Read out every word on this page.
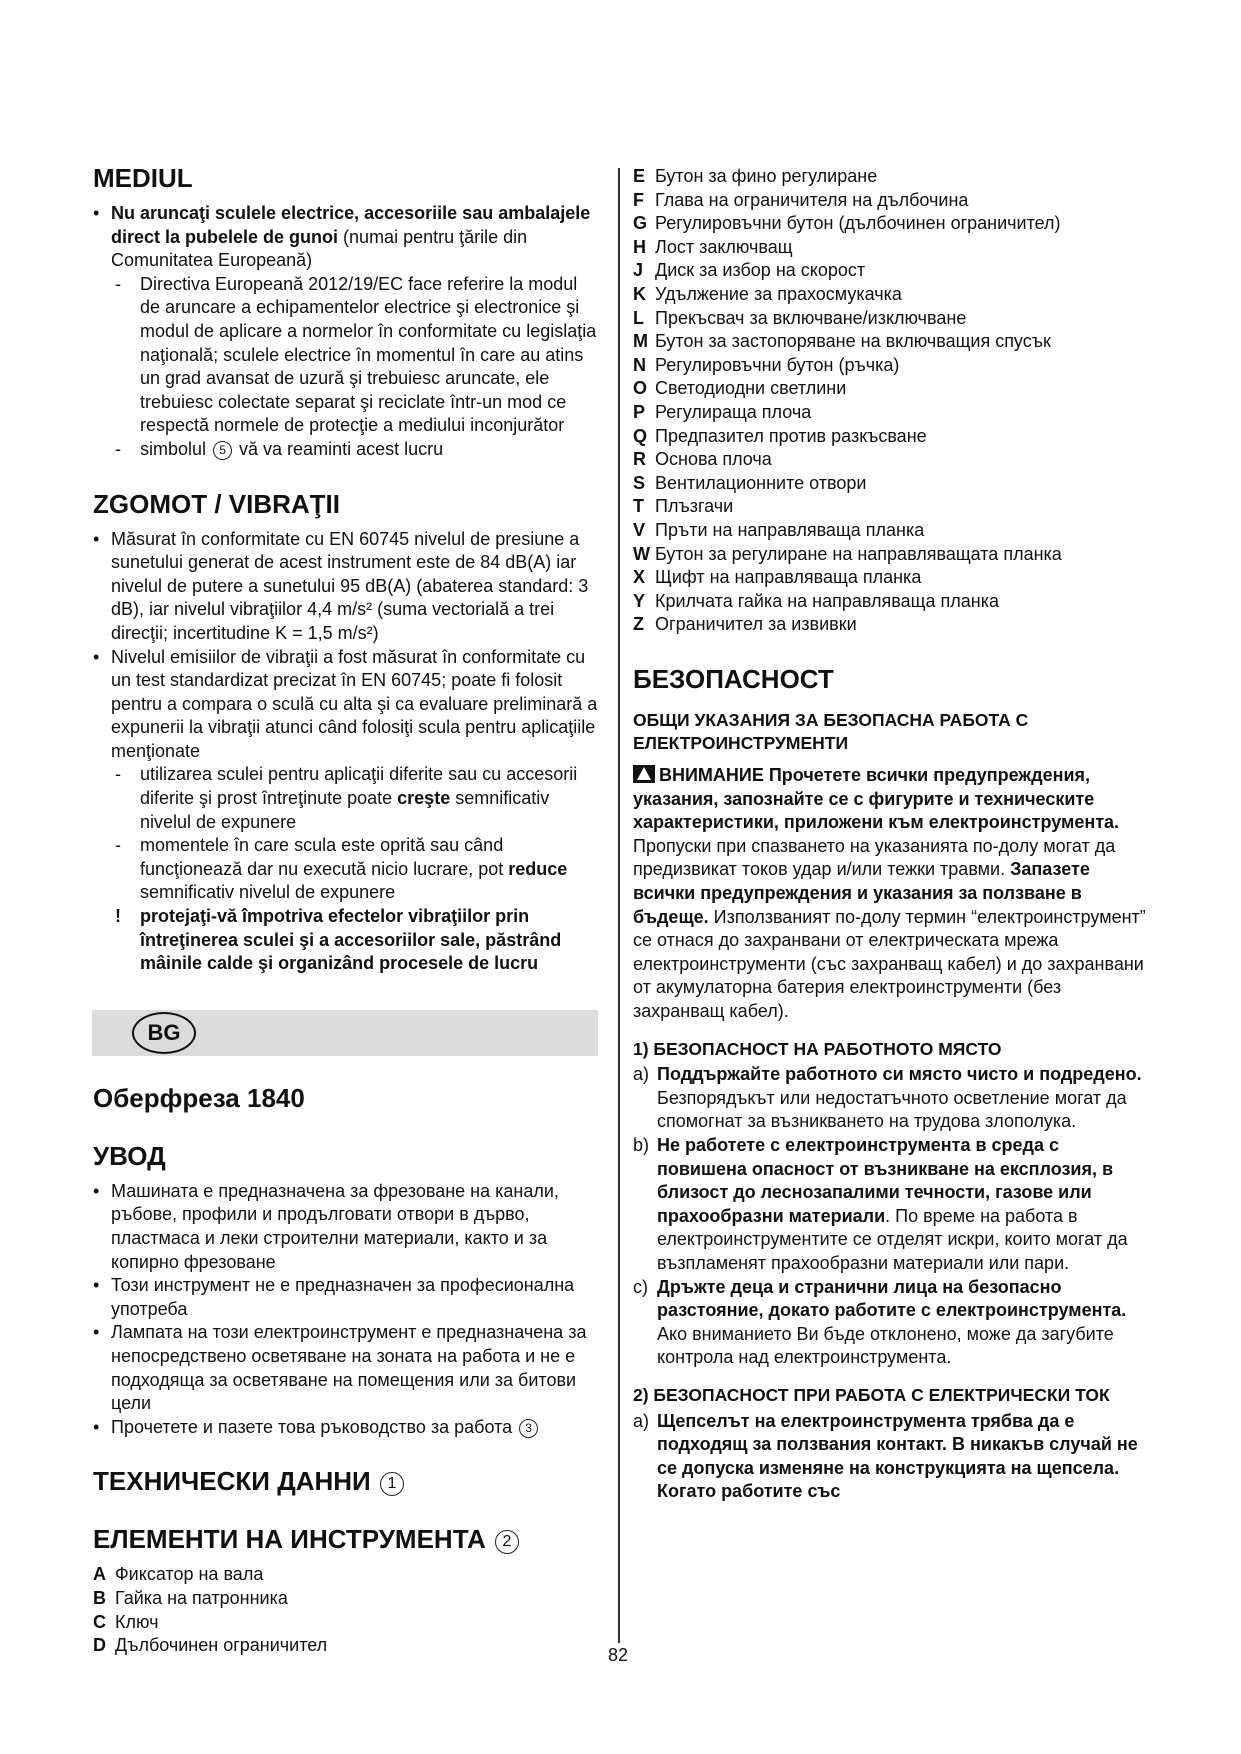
MEDIUL
• Nu aruncaţi sculele electrice, accesoriile sau ambalajele direct la pubelele de gunoi (numai pentru ţările din Comunitatea Europeană)
- Directiva Europeană 2012/19/EC face referire la modul de aruncare a echipamentelor electrice şi electronice şi modul de aplicare a normelor în conformitate cu legislaţia naţională; sculele electrice în momentul în care au atins un grad avansat de uzură şi trebuiesc aruncate, ele trebuiesc colectate separat şi reciclate într-un mod ce respectă normele de protecţie a mediului inconjurător
- simbolul 5 vă va reaminti acest lucru
ZGOMOT / VIBRAŢII
• Măsurat în conformitate cu EN 60745 nivelul de presiune a sunetului generat de acest instrument este de 84 dB(A) iar nivelul de putere a sunetului 95 dB(A) (abaterea standard: 3 dB), iar nivelul vibraţiilor 4,4 m/s² (suma vectorială a trei direcţii; incertitudine K = 1,5 m/s²)
• Nivelul emisiilor de vibraţii a fost măsurat în conformitate cu un test standardizat precizat în EN 60745; poate fi folosit pentru a compara o sculă cu alta şi ca evaluare preliminară a expunerii la vibraţii atunci când folosiţi scula pentru aplicaţiile menţionate
- utilizarea sculei pentru aplicaţii diferite sau cu accesorii diferite şi prost întreţinute poate creşte semnificativ nivelul de expunere
- momentele în care scula este oprită sau când funcţionează dar nu execută nicio lucrare, pot reduce semnificativ nivelul de expunere
! protejaţi-vă împotriva efectelor vibraţiilor prin întreţinerea sculei şi a accesoriilor sale, păstrând mâinile calde şi organizând procesele de lucru
BG
Оберфреза 1840
УВОД
• Машината е предназначена за фрезоване на канали, ръбове, профили и продълговати отвори в дърво, пластмаса и леки строителни материали, както и за копирно фрезоване
• Този инструмент не е предназначен за професионална употреба
• Лампата на този електроинструмент е предназначена за непосредствено осветяване на зоната на работа и не е подходяща за осветяване на помещения или за битови цели
• Прочетете и пазете това ръководство за работа 3
ТЕХНИЧЕСКИ ДАННИ 1
ЕЛЕМЕНТИ НА ИНСТРУМЕНТА 2
A Фиксатор на вала
B Гайка на патронника
C Ключ
D Дълбочинен ограничител
E Бутон за фино регулиране
F Глава на ограничителя на дълбочина
G Регулировъчни бутон (дълбочинен ограничител)
H Лост заключващ
J Диск за избор на скорост
K Удължение за прахосмукачка
L Прекъсвач за включване/изключване
M Бутон за застопоряване на включващия спусък
N Регулировъчни бутон (ръчка)
O Светодиодни светлини
P Регулираща плоча
Q Предпазител против разкъсване
R Основа плоча
S Вентилационните отвори
T Плъзгачи
V Пръти на направляваща планка
W Бутон за регулиране на направляващата планка
X Щифт на направляваща планка
Y Крилчата гайка на направляваща планка
Z Ограничител за извивки
БЕЗОПАСНОСТ
ОБЩИ УКАЗАНИЯ ЗА БЕЗОПАСНА РАБОТА С ЕЛЕКТРОИНСТРУМЕНТИ
ВНИМАНИЕ Прочетете всички предупреждения, указания, запознайте се с фигурите и техническите характеристики, приложени към електроинструмента. Пропуски при спазването на указанията по-долу могат да предизвикат токов удар и/или тежки травми. Запазете всички предупреждения и указания за ползване в бъдеще. Използваният по-долу термин “електроинструмент” се отнася до захранвани от електрическата мрежа електроинструменти (със захранващ кабел) и до захранвани от акумулаторна батерия електроинструменти (без захранващ кабел).
1) БЕЗОПАСНОСТ НА РАБОТНОТО МЯСТО
a) Поддържайте работното си място чисто и подредено. Безпорядъкът или недостатъчното осветление могат да спомогнат за възникването на трудова злополука.
b) Не работете с електроинструмента в среда с повишена опасност от възникване на експлозия, в близост до леснозапалими течности, газове или прахообразни материали. По време на работа в електроинструментите се отделят искри, които могат да възпламенят прахообразни материали или пари.
c) Дръжте деца и странични лица на безопасно разстояние, докато работите с електроинструмента. Ако вниманието Ви бъде отклонено, може да загубите контрола над електроинструмента.
2) БЕЗОПАСНОСТ ПРИ РАБОТА С ЕЛЕКТРИЧЕСКИ ТОК
a) Щепселът на електроинструмента трябва да е подходящ за ползвания контакт. В никакъв случай не се допуска изменяне на конструкцията на щепсела. Когато работите със
82
